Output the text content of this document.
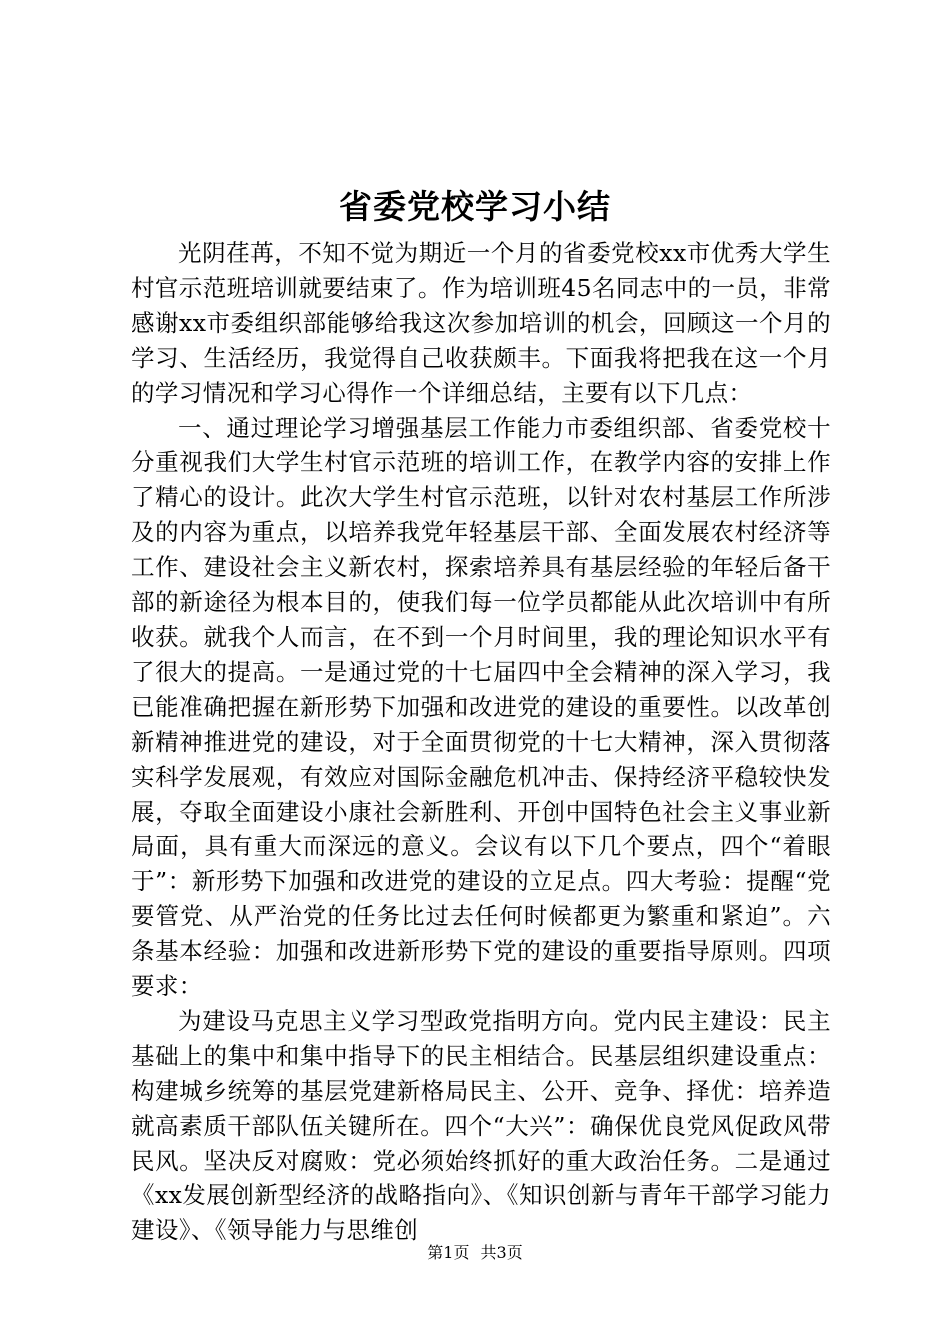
省委党校学习小结

光阴荏苒，不知不觉为期近一个月的省委党校xx市优秀大学生村官示范班培训就要结束了。作为培训班45名同志中的一员，非常感谢xx市委组织部能够给我这次参加培训的机会，回顾这一个月的学习、生活经历，我觉得自己收获颇丰。下面我将把我在这一个月的学习情况和学习心得作一个详细总结，主要有以下几点：

一、通过理论学习增强基层工作能力市委组织部、省委党校十分重视我们大学生村官示范班的培训工作，在教学内容的安排上作了精心的设计。此次大学生村官示范班，以针对农村基层工作所涉及的内容为重点，以培养我党年轻基层干部、全面发展农村经济等工作、建设社会主义新农村，探索培养具有基层经验的年轻后备干部的新途径为根本目的，使我们每一位学员都能从此次培训中有所收获。就我个人而言，在不到一个月时间里，我的理论知识水平有了很大的提高。一是通过党的十七届四中全会精神的深入学习，我已能准确把握在新形势下加强和改进党的建设的重要性。以改革创新精神推进党的建设，对于全面贯彻党的十七大精神，深入贯彻落实科学发展观，有效应对国际金融危机冲击、保持经济平稳较快发展，夺取全面建设小康社会新胜利、开创中国特色社会主义事业新局面，具有重大而深远的意义。会议有以下几个要点，四个“着眼于”：新形势下加强和改进党的建设的立足点。四大考验：提醒“党要管党、从严治党的任务比过去任何时候都更为繁重和紧迫”。六条基本经验：加强和改进新形势下党的建设的重要指导原则。四项要求：

为建设马克思主义学习型政党指明方向。党内民主建设：民主基础上的集中和集中指导下的民主相结合。民基层组织建设重点：构建城乡统筹的基层党建新格局民主、公开、竞争、择优：培养造就高素质干部队伍关键所在。四个“大兴”：确保优良党风促政风带民风。坚决反对腐败：党必须始终抓好的重大政治任务。二是通过《xx发展创新型经济的战略指向》、《知识创新与青年干部学习能力建设》、《领导能力与思维创

第1页 共3页
